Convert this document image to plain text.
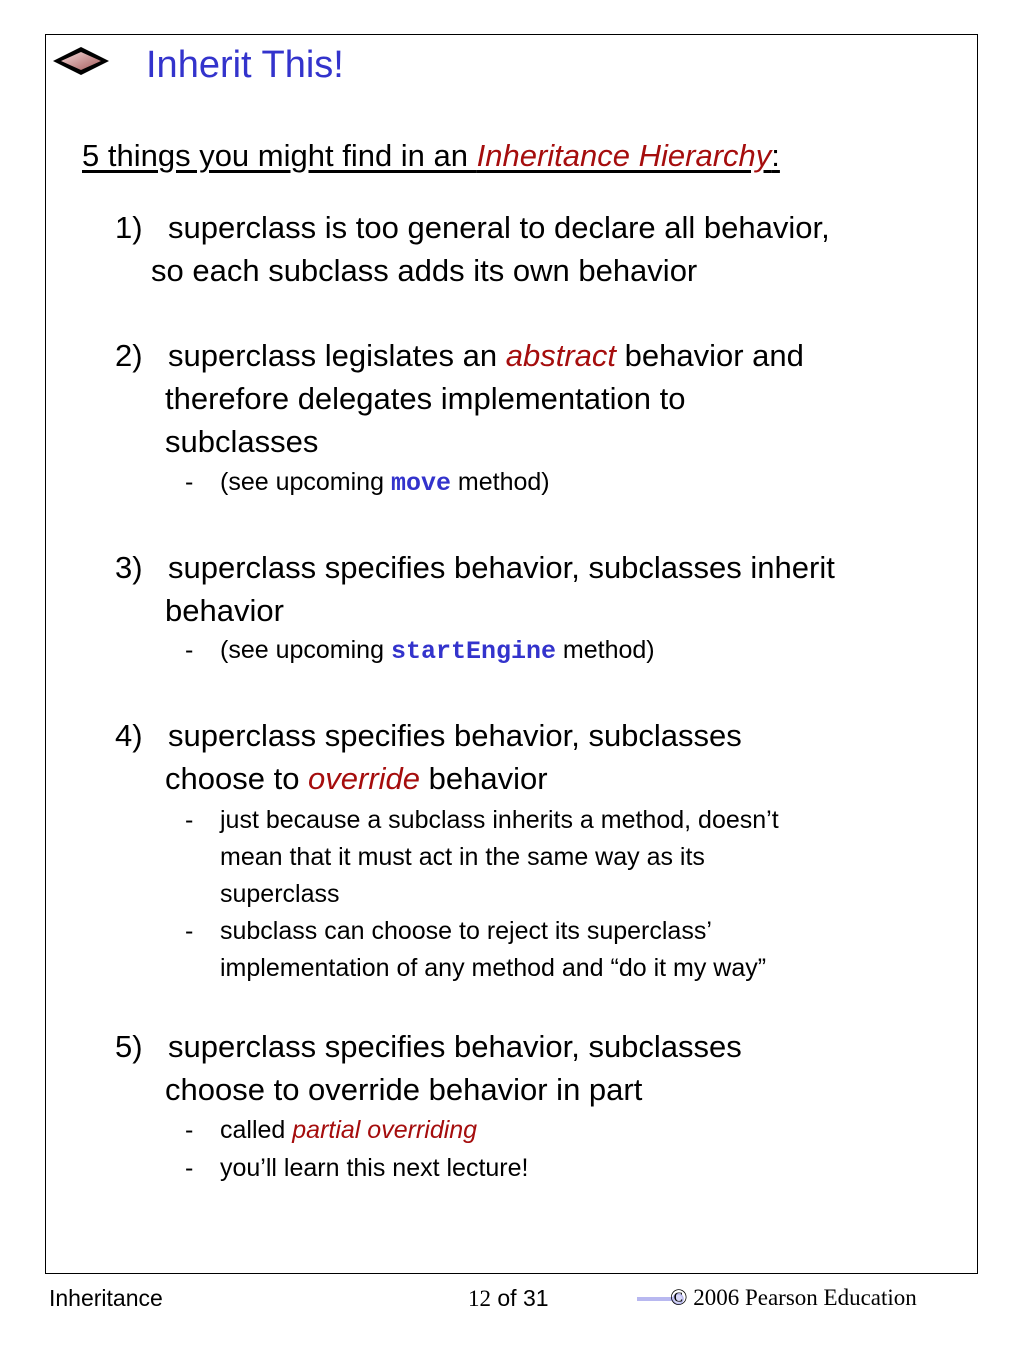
Inherit This!
5 things you might find in an Inheritance Hierarchy:
1) superclass is too general to declare all behavior,
so each subclass adds its own behavior
2) superclass legislates an abstract behavior and
therefore delegates implementation to
subclasses
- (see upcoming move method)
3) superclass specifies behavior, subclasses inherit
behavior
- (see upcoming startEngine method)
4) superclass specifies behavior, subclasses
choose to override behavior
- just because a subclass inherits a method, doesn’t
mean that it must act in the same way as its
superclass
- subclass can choose to reject its superclass’
implementation of any method and “do it my way”
5) superclass specifies behavior, subclasses
choose to override behavior in part
- called partial overriding
- you’ll learn this next lecture!
Inheritance	12 of 31	© 2006 Pearson Education
